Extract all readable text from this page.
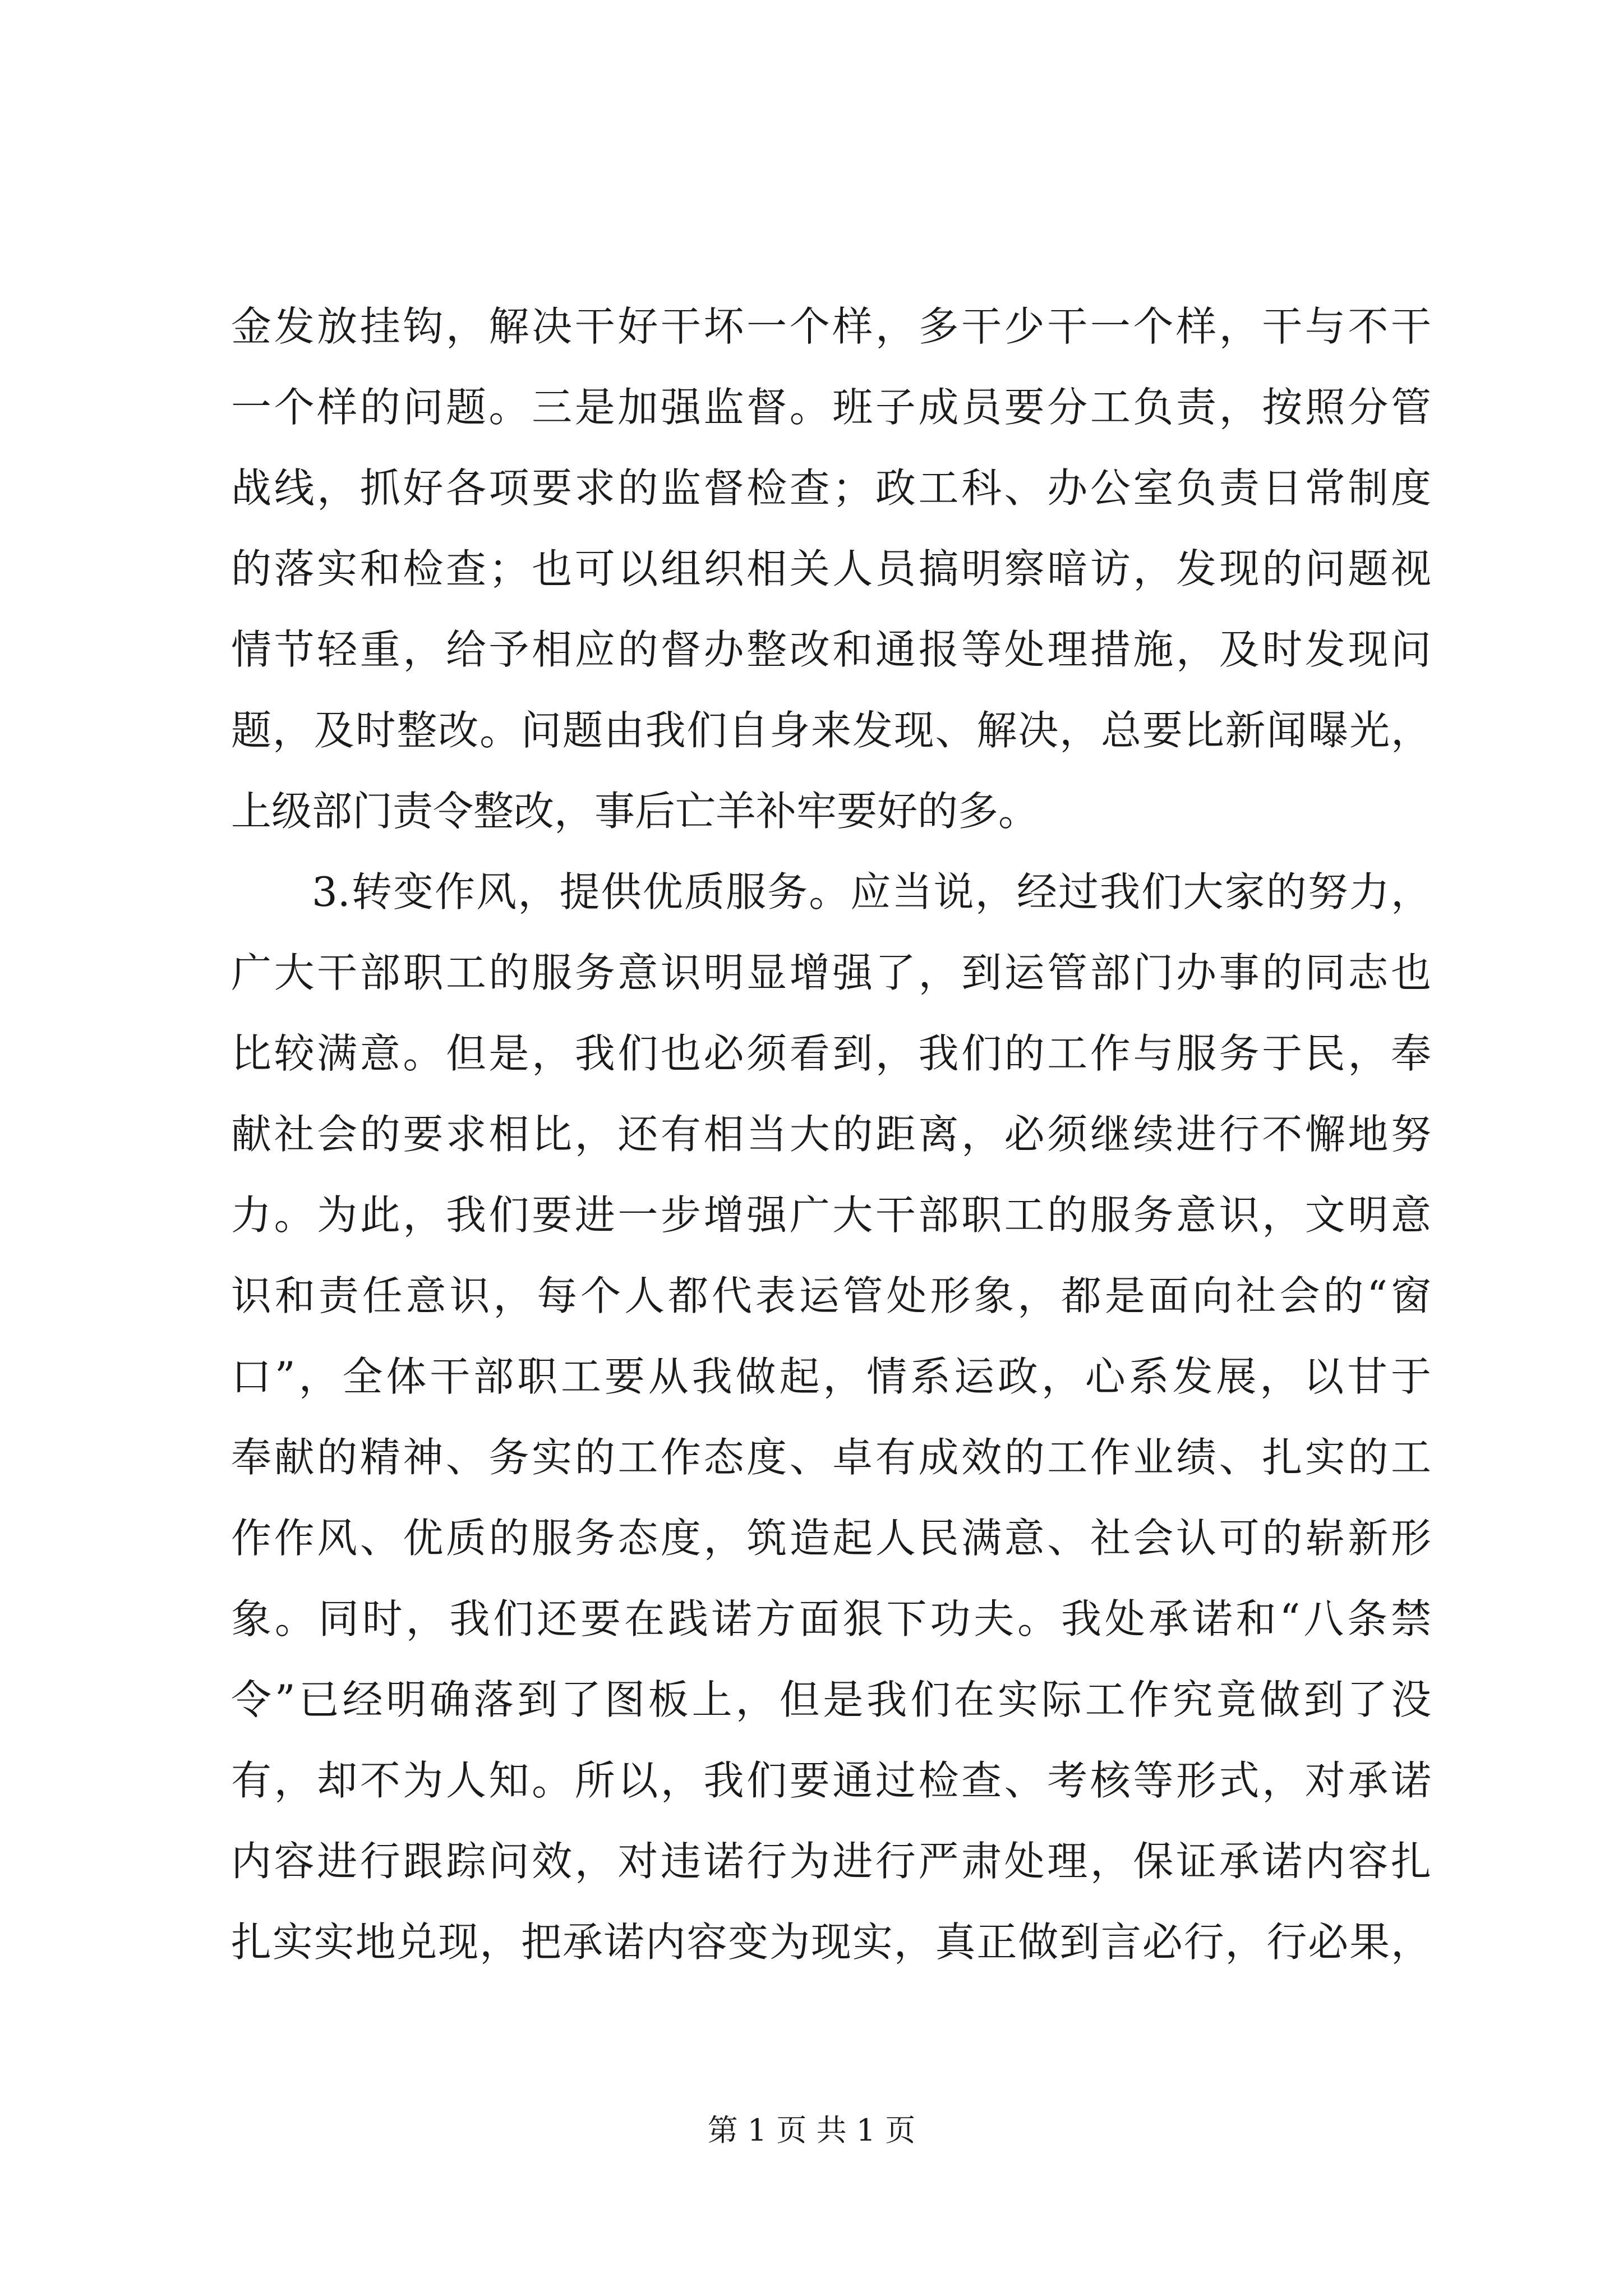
金发放挂钩，解决干好干坏一个样，多干少干一个样，干与不干
一个样的问题。三是加强监督。班子成员要分工负责，按照分管
战线，抓好各项要求的监督检查；政工科、办公室负责日常制度
的落实和检查；也可以组织相关人员搞明察暗访，发现的问题视
情节轻重，给予相应的督办整改和通报等处理措施，及时发现问
题，及时整改。问题由我们自身来发现、解决，总要比新闻曝光，
上级部门责令整改，事后亡羊补牢要好的多。
3.转变作风，提供优质服务。应当说，经过我们大家的努力，
广大干部职工的服务意识明显增强了，到运管部门办事的同志也
比较满意。但是，我们也必须看到，我们的工作与服务于民，奉
献社会的要求相比，还有相当大的距离，必须继续进行不懈地努
力。为此，我们要进一步增强广大干部职工的服务意识，文明意
识和责任意识，每个人都代表运管处形象，都是面向社会的“窗
口”，全体干部职工要从我做起，情系运政，心系发展，以甘于
奉献的精神、务实的工作态度、卓有成效的工作业绩、扎实的工
作作风、优质的服务态度，筑造起人民满意、社会认可的崭新形
象。同时，我们还要在践诺方面狠下功夫。我处承诺和“八条禁
令”已经明确落到了图板上，但是我们在实际工作究竟做到了没
有，却不为人知。所以，我们要通过检查、考核等形式，对承诺
内容进行跟踪问效，对违诺行为进行严肃处理，保证承诺内容扎
扎实实地兑现，把承诺内容变为现实，真正做到言必行，行必果，
第 1 页 共 1 页
